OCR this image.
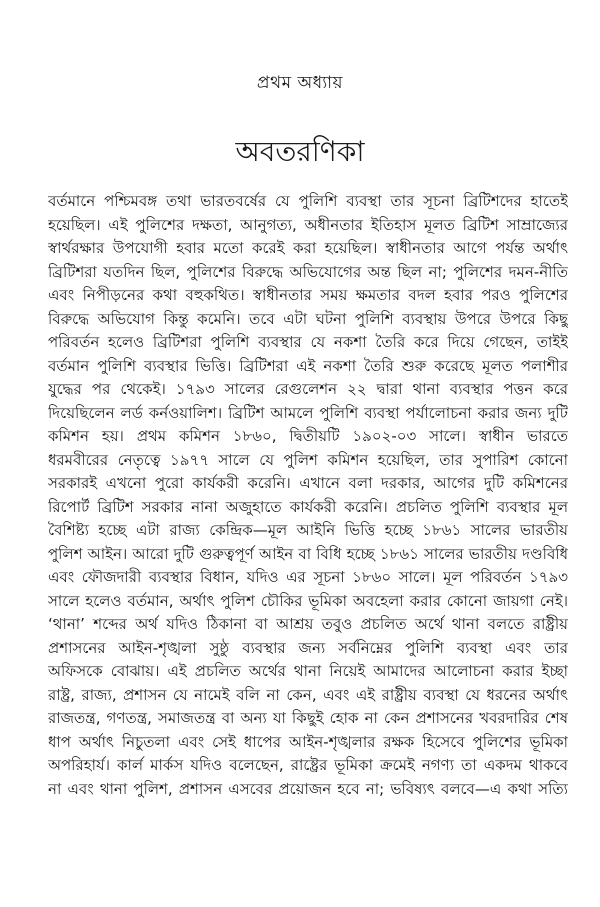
প্রথম অধ্যায়
অবতরণিকা
বর্তমানে পশ্চিমবঙ্গ তথা ভারতবর্ষের যে পুলিশি ব্যবস্থা তার সূচনা ব্রিটিশদের হাতেই
হয়েছিল। এই পুলিশের দক্ষতা, আনুগত্য, অধীনতার ইতিহাস মূলত ব্রিটিশ সাম্রাজ্যের
স্বার্থরক্ষার উপযোগী হবার মতো করেই করা হয়েছিল। স্বাধীনতার আগে পর্যন্ত অর্থাৎ
ব্রিটিশরা যতদিন ছিল, পুলিশের বিরুদ্ধে অভিযোগের অন্ত ছিল না; পুলিশের দমন-নীতি
এবং নিপীড়নের কথা বহুকথিত। স্বাধীনতার সময় ক্ষমতার বদল হবার পরও পুলিশের
বিরুদ্ধে অভিযোগ কিন্তু কমেনি। তবে এটা ঘটনা পুলিশি ব্যবস্থায় উপরে উপরে কিছু
পরিবর্তন হলেও ব্রিটিশরা পুলিশি ব্যবস্থার যে নকশা তৈরি করে দিয়ে গেছেন, তাইই
বর্তমান পুলিশি ব্যবস্থার ভিত্তি। ব্রিটিশরা এই নকশা তৈরি শুরু করেছে মূলত পলাশীর
যুদ্ধের পর থেকেই। ১৭৯৩ সালের রেগুলেশন ২২ দ্বারা থানা ব্যবস্থার পত্তন করে
দিয়েছিলেন লর্ড কর্নওয়ালিশ। ব্রিটিশ আমলে পুলিশি ব্যবস্থা পর্যালোচনা করার জন্য দুটি
কমিশন হয়। প্রথম কমিশন ১৮৬০, দ্বিতীয়টি ১৯০২-০৩ সালে। স্বাধীন ভারতে
ধরমবীরের নেতৃত্বে ১৯৭৭ সালে যে পুলিশ কমিশন হয়েছিল, তার সুপারিশ কোনো
সরকারই এখনো পুরো কার্যকরী করেনি। এখানে বলা দরকার, আগের দুটি কমিশনের
রিপোর্ট ব্রিটিশ সরকার নানা অজুহাতে কার্যকরী করেনি। প্রচলিত পুলিশি ব্যবস্থার মূল
বৈশিষ্ট্য হচ্ছে এটা রাজ্য কেন্দ্রিক—মূল আইনি ভিত্তি হচ্ছে ১৮৬১ সালের ভারতীয়
পুলিশ আইন। আরো দুটি গুরুত্বপূর্ণ আইন বা বিধি হচ্ছে ১৮৬১ সালের ভারতীয় দণ্ডবিধি
এবং ফৌজদারী ব্যবস্থার বিধান, যদিও এর সূচনা ১৮৬০ সালে। মূল পরিবর্তন ১৭৯৩
সালে হলেও বর্তমান, অর্থাৎ পুলিশ চৌকির ভূমিকা অবহেলা করার কোনো জায়গা নেই।
‘থানা’ শব্দের অর্থ যদিও ঠিকানা বা আশ্রয় তবুও প্রচলিত অর্থে থানা বলতে রাষ্ট্রীয়
প্রশাসনের আইন-শৃঙ্খলা সুষ্ঠু ব্যবস্থার জন্য সর্বনিম্নের পুলিশি ব্যবস্থা এবং তার
অফিসকে বোঝায়। এই প্রচলিত অর্থের থানা নিয়েই আমাদের আলোচনা করার ইচ্ছা
রাষ্ট্র, রাজ্য, প্রশাসন যে নামেই বলি না কেন, এবং এই রাষ্ট্রীয় ব্যবস্থা যে ধরনের অর্থাৎ
রাজতন্ত্র, গণতন্ত্র, সমাজতন্ত্র বা অন্য যা কিছুই হোক না কেন প্রশাসনের খবরদারির শেষ
ধাপ অর্থাৎ নিচুতলা এবং সেই ধাপের আইন-শৃঙ্খলার রক্ষক হিসেবে পুলিশের ভূমিকা
অপরিহার্য। কার্ল মার্কস যদিও বলেছেন, রাষ্ট্রের ভূমিকা ক্রমেই নগণ্য তা একদম থাকবে
না এবং থানা পুলিশ, প্রশাসন এসবের প্রয়োজন হবে না; ভবিষ্যৎ বলবে—এ কথা সত্যি
